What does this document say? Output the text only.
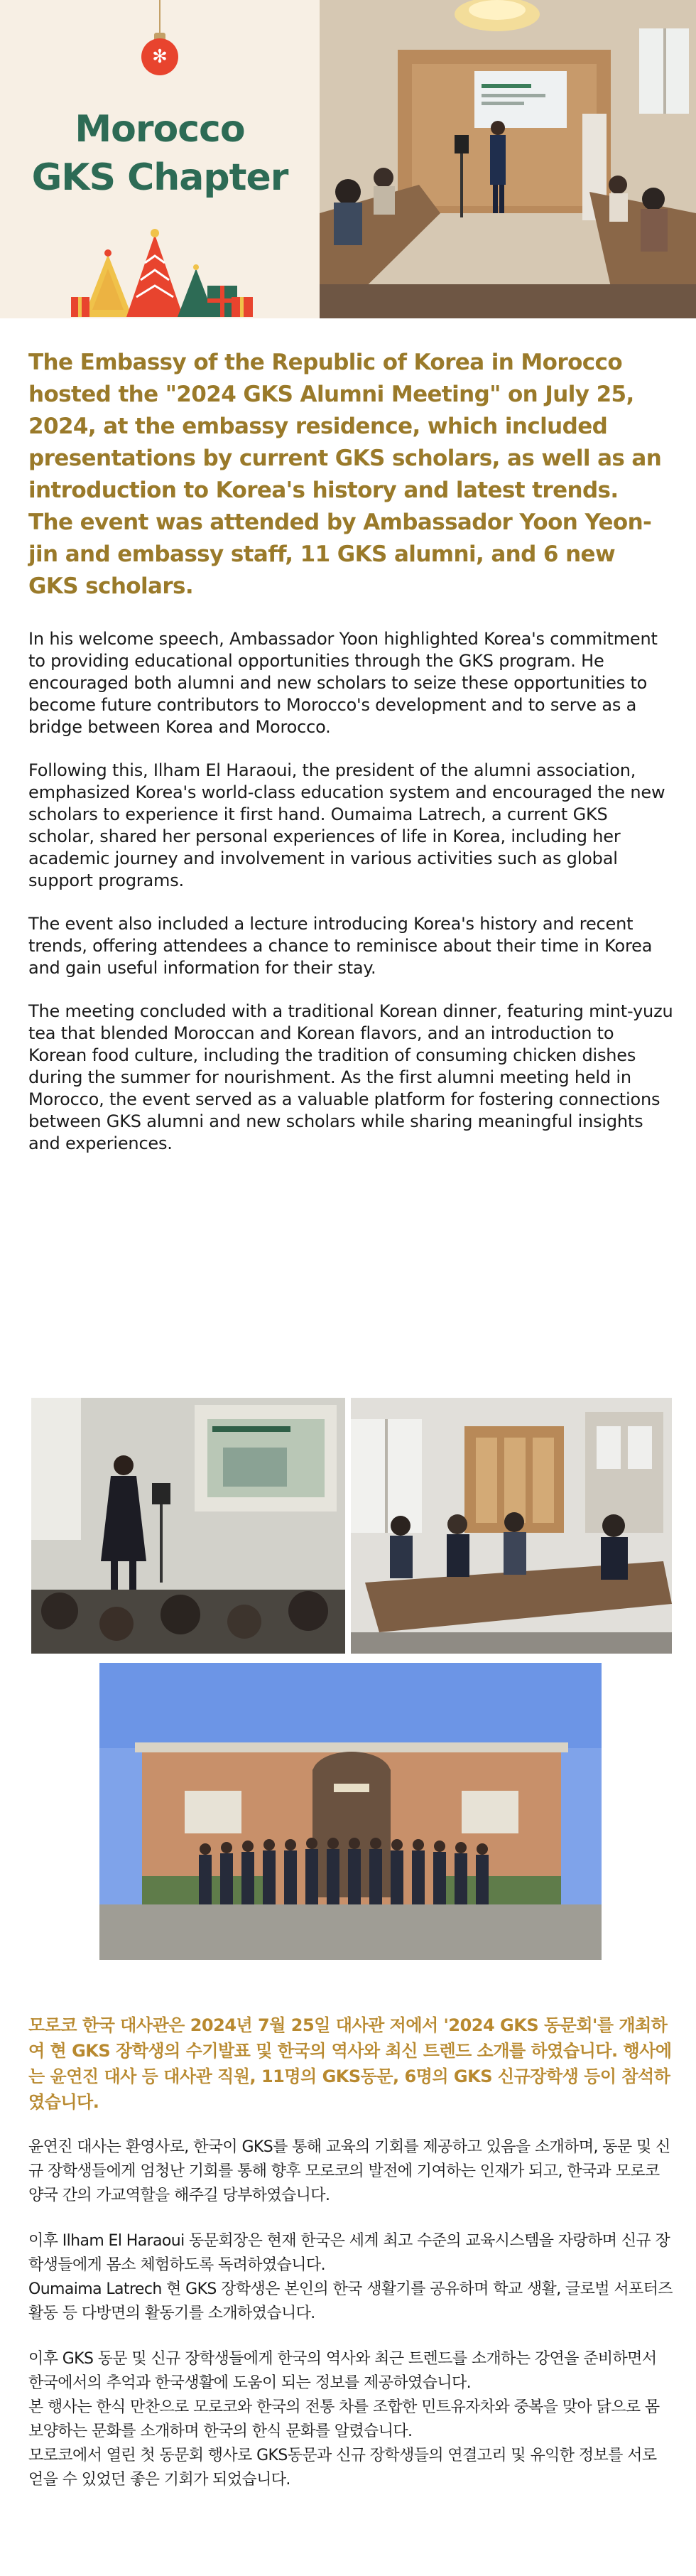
✻
Morocco
GKS Chapter

The Embassy of the Republic of Korea in Morocco hosted the "2024 GKS Alumni Meeting" on July 25, 2024, at the embassy residence, which included presentations by current GKS scholars, as well as an introduction to Korea's history and latest trends. The event was attended by Ambassador Yoon Yeon-jin and embassy staff, 11 GKS alumni, and 6 new GKS scholars.

In his welcome speech, Ambassador Yoon highlighted Korea's commitment to providing educational opportunities through the GKS program. He encouraged both alumni and new scholars to seize these opportunities to become future contributors to Morocco's development and to serve as a bridge between Korea and Morocco.

Following this, Ilham El Haraoui, the president of the alumni association, emphasized Korea's world-class education system and encouraged the new scholars to experience it first hand. Oumaima Latrech, a current GKS scholar, shared her personal experiences of life in Korea, including her academic journey and involvement in various activities such as global support programs.

The event also included a lecture introducing Korea's history and recent trends, offering attendees a chance to reminisce about their time in Korea and gain useful information for their stay.

The meeting concluded with a traditional Korean dinner, featuring mint-yuzu tea that blended Moroccan and Korean flavors, and an introduction to Korean food culture, including the tradition of consuming chicken dishes during the summer for nourishment. As the first alumni meeting held in Morocco, the event served as a valuable platform for fostering connections between GKS alumni and new scholars while sharing meaningful insights and experiences.

모로코 한국 대사관은 2024년 7월 25일 대사관 저에서 '2024 GKS 동문회'를 개최하여 현 GKS 장학생의 수기발표 및 한국의 역사와 최신 트렌드 소개를 하였습니다. 행사에는 윤연진 대사 등 대사관 직원, 11명의 GKS동문, 6명의 GKS 신규장학생 등이 참석하였습니다.

윤연진 대사는 환영사로, 한국이 GKS를 통해 교육의 기회를 제공하고 있음을 소개하며, 동문 및 신규 장학생들에게 엄청난 기회를 통해 향후 모로코의 발전에 기여하는 인재가 되고, 한국과 모로코 양국 간의 가교역할을 해주길 당부하였습니다.

이후 Ilham El Haraoui 동문회장은 현재 한국은 세계 최고 수준의 교육시스템을 자랑하며 신규 장학생들에게 몸소 체험하도록 독려하였습니다.
Oumaima Latrech 현 GKS 장학생은 본인의 한국 생활기를 공유하며 학교 생활, 글로벌 서포터즈 활동 등 다방면의 활동기를 소개하였습니다.

이후 GKS 동문 및 신규 장학생들에게 한국의 역사와 최근 트렌드를 소개하는 강연을 준비하면서 한국에서의 추억과 한국생활에 도움이 되는 정보를 제공하였습니다.
본 행사는 한식 만찬으로 모로코와 한국의 전통 차를 조합한 민트유자차와 중복을 맞아 닭으로 몸 보양하는 문화를 소개하며 한국의 한식 문화를 알렸습니다.
모로코에서 열린 첫 동문회 행사로 GKS동문과 신규 장학생들의 연결고리 및 유익한 정보를 서로 얻을 수 있었던 좋은 기회가 되었습니다.
